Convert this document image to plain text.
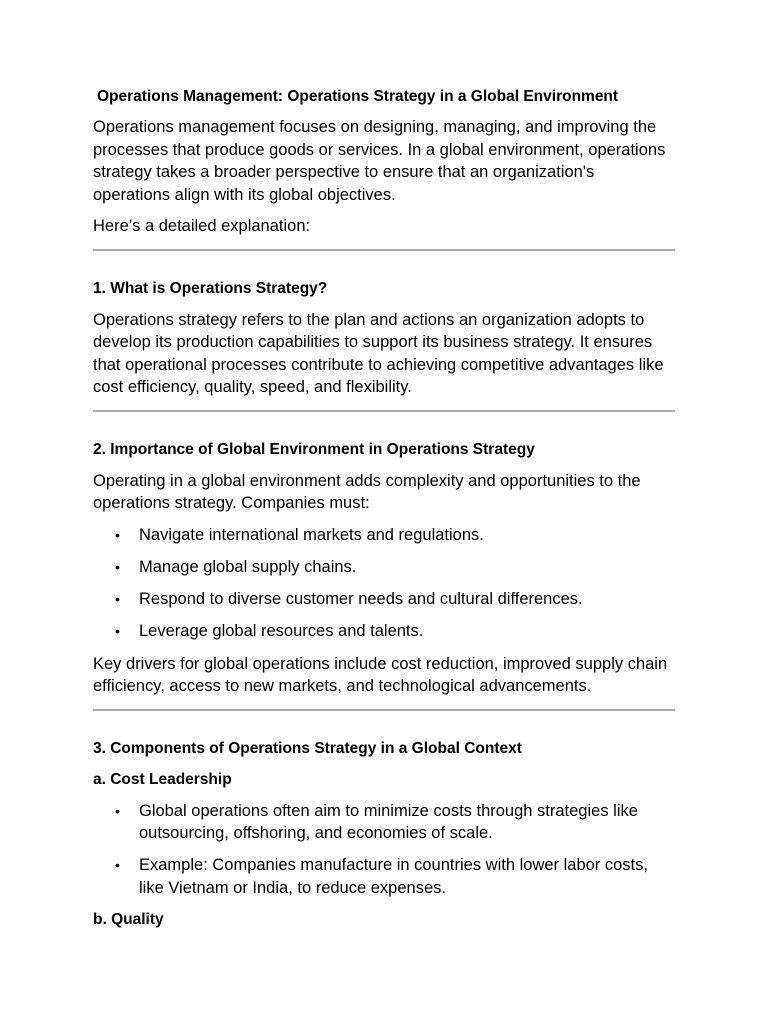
Operations Management: Operations Strategy in a Global Environment

Operations management focuses on designing, managing, and improving the processes that produce goods or services. In a global environment, operations strategy takes a broader perspective to ensure that an organization's operations align with its global objectives.

Here’s a detailed explanation:

1. What is Operations Strategy?

Operations strategy refers to the plan and actions an organization adopts to develop its production capabilities to support its business strategy. It ensures that operational processes contribute to achieving competitive advantages like cost efficiency, quality, speed, and flexibility.

2. Importance of Global Environment in Operations Strategy

Operating in a global environment adds complexity and opportunities to the operations strategy. Companies must:

• Navigate international markets and regulations.
• Manage global supply chains.
• Respond to diverse customer needs and cultural differences.
• Leverage global resources and talents.

Key drivers for global operations include cost reduction, improved supply chain efficiency, access to new markets, and technological advancements.

3. Components of Operations Strategy in a Global Context
a. Cost Leadership
• Global operations often aim to minimize costs through strategies like outsourcing, offshoring, and economies of scale.
• Example: Companies manufacture in countries with lower labor costs, like Vietnam or India, to reduce expenses.
b. Quality
